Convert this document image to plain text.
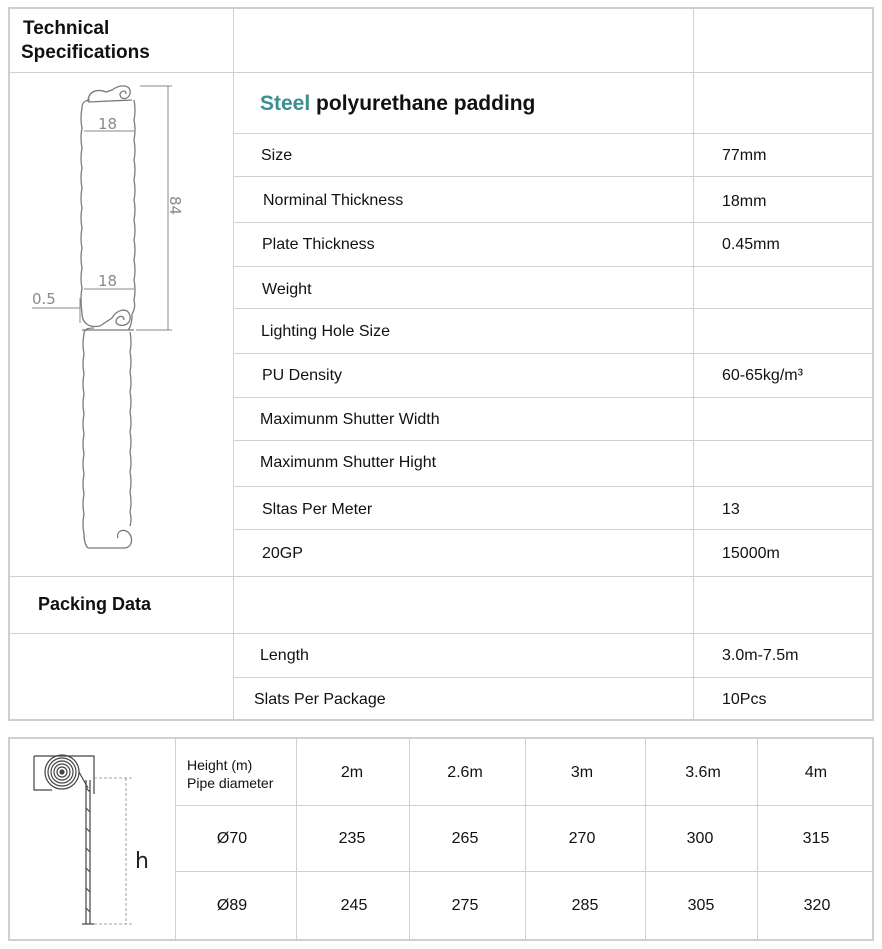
Technical
Specifications
Steel polyurethane padding
Size	77mm
Norminal Thickness	18mm
Plate Thickness	0.45mm
Weight
Lighting Hole Size
PU Density	60-65kg/m³
Maximunm Shutter Width
Maximunm Shutter Hight
Sltas Per Meter	13
20GP	15000m
Packing Data
Length	3.0m-7.5m
Slats Per Package	10Pcs
18
18
0.5
84
Height (m)
Pipe diameter
2m	2.6m	3m	3.6m	4m
Ø70	235	265	270	300	315
Ø89	245	275	285	305	320
h
